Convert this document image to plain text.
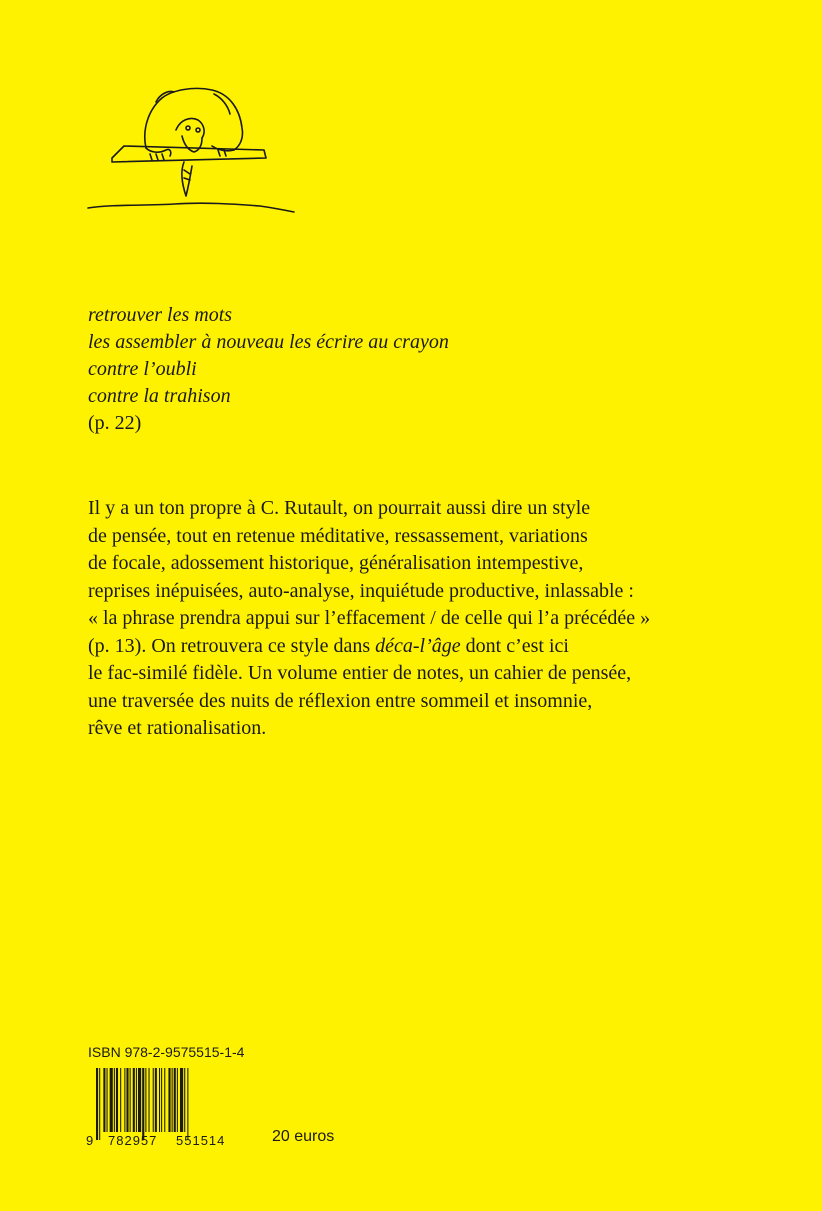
retrouver les mots
les assembler à nouveau les écrire au crayon
contre l’oubli
contre la trahison
(p. 22)
Il y a un ton propre à C. Rutault, on pourrait aussi dire un style
de pensée, tout en retenue méditative, ressassement, variations
de focale, adossement historique, généralisation intempestive,
reprises inépuisées, auto-analyse, inquiétude productive, inlassable :
« la phrase prendra appui sur l’effacement / de celle qui l’a précédée »
(p. 13). On retrouvera ce style dans déca-l’âge dont c’est ici
le fac-similé fidèle. Un volume entier de notes, un cahier de pensée,
une traversée des nuits de réflexion entre sommeil et insomnie,
rêve et rationalisation.
ISBN 978-2-9575515-1-4
9 782957 551514	20 euros
